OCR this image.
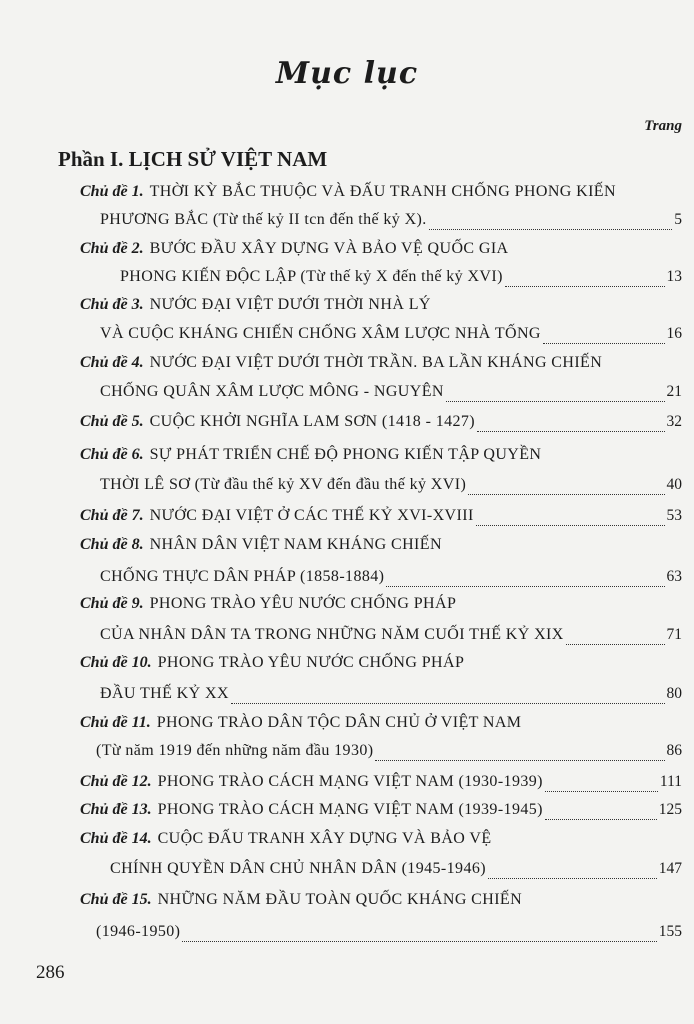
Mục lục
Trang
Phần I. LỊCH SỬ VIỆT NAM
Chủ đề 1. THỜI KỲ BẮC THUỘC VÀ ĐẤU TRANH CHỐNG PHONG KIẾN
PHƯƠNG BẮC (Từ thế kỷ II tcn đến thế kỷ X).	5
Chủ đề 2. BƯỚC ĐẦU XÂY DỰNG VÀ BẢO VỆ QUỐC GIA
PHONG KIẾN ĐỘC LẬP (Từ thế kỷ X đến thế kỷ XVI)	13
Chủ đề 3. NƯỚC ĐẠI VIỆT DƯỚI THỜI NHÀ LÝ
VÀ CUỘC KHÁNG CHIẾN CHỐNG XÂM LƯỢC NHÀ TỐNG	16
Chủ đề 4. NƯỚC ĐẠI VIỆT DƯỚI THỜI TRẦN. BA LẦN KHÁNG CHIẾN
CHỐNG QUÂN XÂM LƯỢC MÔNG - NGUYÊN	21
Chủ đề 5. CUỘC KHỞI NGHĨA LAM SƠN (1418 - 1427)	32
Chủ đề 6. SỰ PHÁT TRIỂN CHẾ ĐỘ PHONG KIẾN TẬP QUYỀN
THỜI LÊ SƠ (Từ đầu thế kỷ XV đến đầu thế kỷ XVI)	40
Chủ đề 7. NƯỚC ĐẠI VIỆT Ở CÁC THẾ KỶ XVI-XVIII	53
Chủ đề 8. NHÂN DÂN VIỆT NAM KHÁNG CHIẾN
CHỐNG THỰC DÂN PHÁP (1858-1884)	63
Chủ đề 9. PHONG TRÀO YÊU NƯỚC CHỐNG PHÁP
CỦA NHÂN DÂN TA TRONG NHỮNG NĂM CUỐI THẾ KỶ XIX	71
Chủ đề 10. PHONG TRÀO YÊU NƯỚC CHỐNG PHÁP
ĐẦU THẾ KỶ XX	80
Chủ đề 11. PHONG TRÀO DÂN TỘC DÂN CHỦ Ở VIỆT NAM
(Từ năm 1919 đến những năm đầu 1930)	86
Chủ đề 12. PHONG TRÀO CÁCH MẠNG VIỆT NAM (1930-1939)	111
Chủ đề 13. PHONG TRÀO CÁCH MẠNG VIỆT NAM (1939-1945)	125
Chủ đề 14. CUỘC ĐẤU TRANH XÂY DỰNG VÀ BẢO VỆ
CHÍNH QUYỀN DÂN CHỦ NHÂN DÂN (1945-1946)	147
Chủ đề 15. NHỮNG NĂM ĐẦU TOÀN QUỐC KHÁNG CHIẾN
(1946-1950)	155
286
